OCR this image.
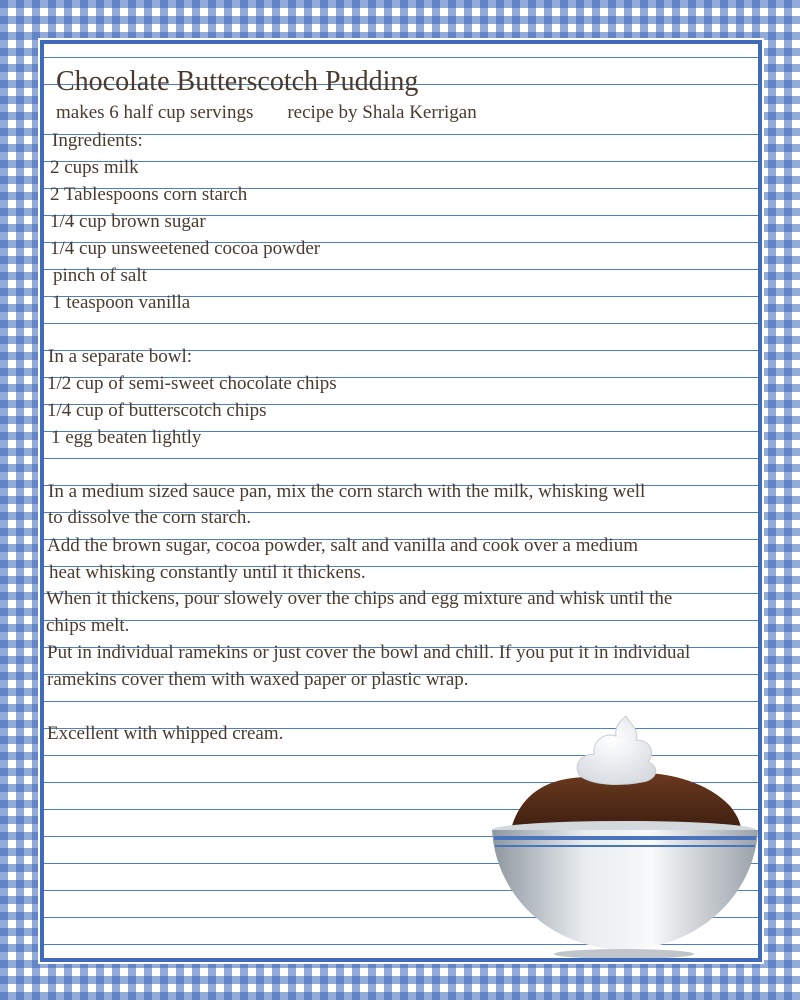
Chocolate Butterscotch Pudding

makes 6 half cup servings recipe by Shala Kerrigan

Ingredients:

2 cups milk

2 Tablespoons corn starch

1/4 cup brown sugar

1/4 cup unsweetened cocoa powder

pinch of salt

1 teaspoon vanilla

In a separate bowl:

1/2 cup of semi-sweet chocolate chips

1/4 cup of butterscotch chips

1 egg beaten lightly

In a medium sized sauce pan, mix the corn starch with the milk, whisking well

to dissolve the corn starch.

Add the brown sugar, cocoa powder, salt and vanilla and cook over a medium

heat whisking constantly until it thickens.

When it thickens, pour slowely over the chips and egg mixture and whisk until the

chips melt.

Put in individual ramekins or just cover the bowl and chill. If you put it in individual

ramekins cover them with waxed paper or plastic wrap.

Excellent with whipped cream.
